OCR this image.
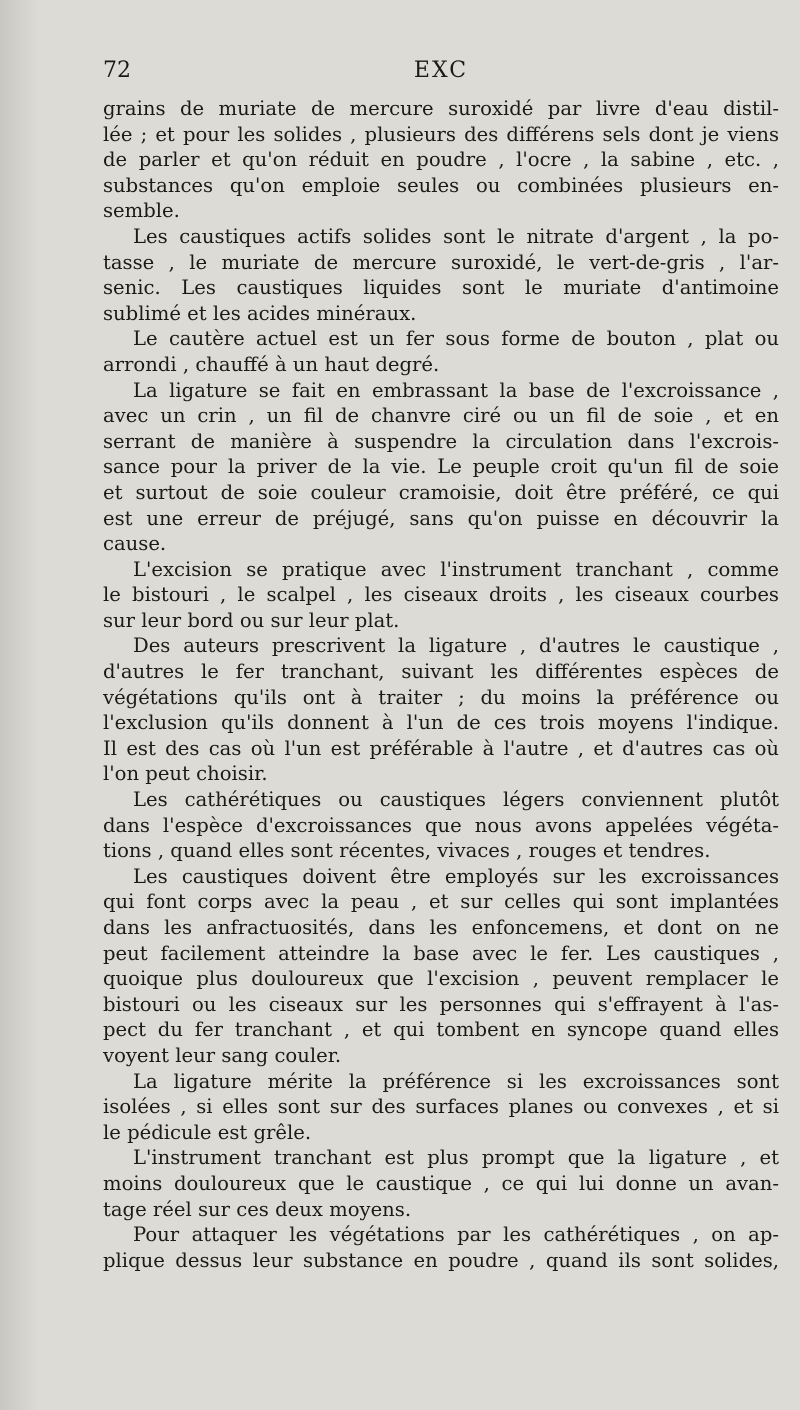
72	EXC

grains de muriate de mercure suroxidé par livre d'eau distil-
lée ; et pour les solides , plusieurs des différens sels dont je viens
de parler et qu'on réduit en poudre , l'ocre , la sabine , etc. ,
substances qu'on emploie seules ou combinées plusieurs en-
semble.

Les caustiques actifs solides sont le nitrate d'argent , la po-
tasse , le muriate de mercure suroxidé, le vert-de-gris , l'ar-
senic. Les caustiques liquides sont le muriate d'antimoine
sublimé et les acides minéraux.

Le cautère actuel est un fer sous forme de bouton , plat ou
arrondi , chauffé à un haut degré.

La ligature se fait en embrassant la base de l'excroissance ,
avec un crin , un fil de chanvre ciré ou un fil de soie , et en
serrant de manière à suspendre la circulation dans l'excrois-
sance pour la priver de la vie. Le peuple croit qu'un fil de soie
et surtout de soie couleur cramoisie, doit être préféré, ce qui
est une erreur de préjugé, sans qu'on puisse en découvrir la
cause.

L'excision se pratique avec l'instrument tranchant , comme
le bistouri , le scalpel , les ciseaux droits , les ciseaux courbes
sur leur bord ou sur leur plat.

Des auteurs prescrivent la ligature , d'autres le caustique ,
d'autres le fer tranchant, suivant les différentes espèces de
végétations qu'ils ont à traiter ; du moins la préférence ou
l'exclusion qu'ils donnent à l'un de ces trois moyens l'indique.
Il est des cas où l'un est préférable à l'autre , et d'autres cas où
l'on peut choisir.

Les cathérétiques ou caustiques légers conviennent plutôt
dans l'espèce d'excroissances que nous avons appelées végéta-
tions , quand elles sont récentes, vivaces , rouges et tendres.

Les caustiques doivent être employés sur les excroissances
qui font corps avec la peau , et sur celles qui sont implantées
dans les anfractuosités, dans les enfoncemens, et dont on ne
peut facilement atteindre la base avec le fer. Les caustiques ,
quoique plus douloureux que l'excision , peuvent remplacer le
bistouri ou les ciseaux sur les personnes qui s'effrayent à l'as-
pect du fer tranchant , et qui tombent en syncope quand elles
voyent leur sang couler.

La ligature mérite la préférence si les excroissances sont
isolées , si elles sont sur des surfaces planes ou convexes , et si
le pédicule est grêle.

L'instrument tranchant est plus prompt que la ligature , et
moins douloureux que le caustique , ce qui lui donne un avan-
tage réel sur ces deux moyens.

Pour attaquer les végétations par les cathérétiques , on ap-
plique dessus leur substance en poudre , quand ils sont solides,
